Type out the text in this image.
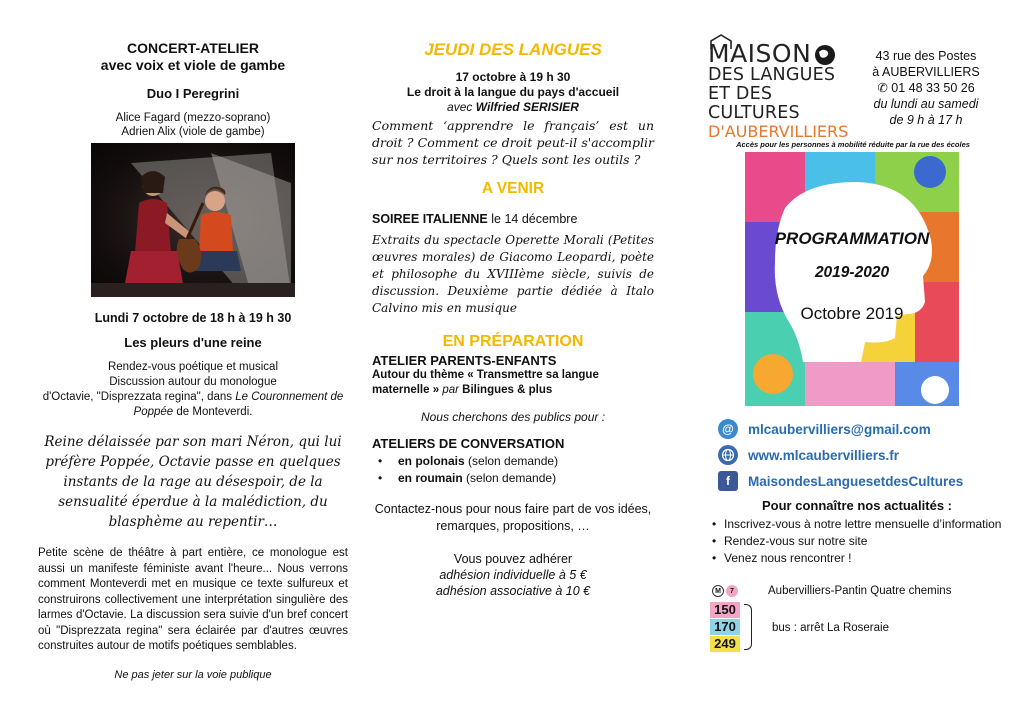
CONCERT-ATELIER
avec voix et viole de gambe
Duo I Peregrini
Alice Fagard (mezzo-soprano)
Adrien Alix (viole de gambe)
Lundi 7 octobre de 18 h à 19 h 30
Les pleurs d'une reine
Rendez-vous poétique et musical
Discussion autour du monologue
d'Octavie, "Disprezzata regina", dans Le Couronnement de Poppée de Monteverdi.
Reine délaissée par son mari Néron, qui lui préfère Poppée, Octavie passe en quelques instants de la rage au désespoir, de la sensualité éperdue à la malédiction, du blasphème au repentir…
Petite scène de théâtre à part entière, ce monologue est aussi un manifeste féministe avant l'heure... Nous verrons comment Monteverdi met en musique ce texte sulfureux et construirons collectivement une interprétation singulière des larmes d'Octavie. La discussion sera suivie d'un bref concert où "Disprezzata regina" sera éclairée par d'autres œuvres construites autour de motifs poétiques semblables.
Ne pas jeter sur la voie publique
JEUDI DES LANGUES
17 octobre à 19 h 30
Le droit à la langue du pays d'accueil
avec Wilfried SERISIER
Comment ‘apprendre le français’ est un droit ? Comment ce droit peut-il s'accomplir sur nos territoires ? Quels sont les outils ?
A VENIR
SOIREE ITALIENNE le 14 décembre
Extraits du spectacle Operette Morali (Petites œuvres morales) de Giacomo Leopardi, poète et philosophe du XVIIIème siècle, suivis de discussion. Deuxième partie dédiée à Italo Calvino mis en musique
EN PRÉPARATION
ATELIER PARENTS-ENFANTS
Autour du thème « Transmettre sa langue maternelle » par Bilingues & plus
Nous cherchons des publics pour :
ATELIERS DE CONVERSATION
• en polonais (selon demande)
• en roumain (selon demande)
Contactez-nous pour nous faire part de vos idées, remarques, propositions, …
Vous pouvez adhérer
adhésion individuelle à 5 €
adhésion associative à 10 €
MAISON
DES LANGUES
ET DES CULTURES
D'AUBERVILLIERS
43 rue des Postes
à AUBERVILLIERS
✆ 01 48 33 50 26
du lundi au samedi
de 9 h à 17 h
Accès pour les personnes à mobilité réduite par la rue des écoles
PROGRAMMATION
2019-2020
Octobre 2019
@	mlcaubervilliers@gmail.com
www.mlcaubervilliers.fr
f	MaisondesLanguesetdesCultures
Pour connaître nos actualités :
• Inscrivez-vous à notre lettre mensuelle d’information
• Rendez-vous sur notre site
• Venez nous rencontrer !
M	7	Aubervilliers-Pantin Quatre chemins
150
170
249
bus : arrêt La Roseraie
